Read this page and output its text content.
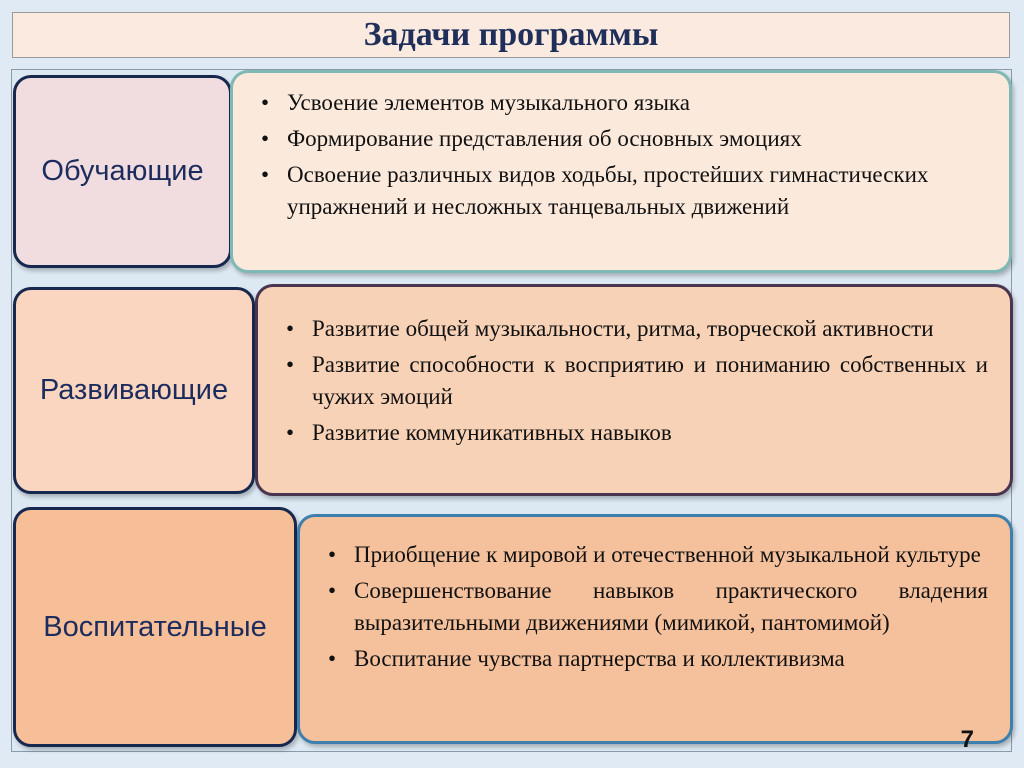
Задачи программы
Обучающие
• Усвоение элементов музыкального языка
• Формирование представления об основных эмоциях
• Освоение различных видов ходьбы, простейших гимнастических упражнений и несложных танцевальных движений
Развивающие
• Развитие общей музыкальности, ритма, творческой активности
• Развитие способности к восприятию и пониманию собственных и чужих эмоций
• Развитие коммуникативных навыков
Воспитательные
• Приобщение к мировой и отечественной музыкальной культуре
• Совершенствование навыков практического владения выразительными движениями (мимикой, пантомимой)
• Воспитание чувства партнерства и коллективизма
7
